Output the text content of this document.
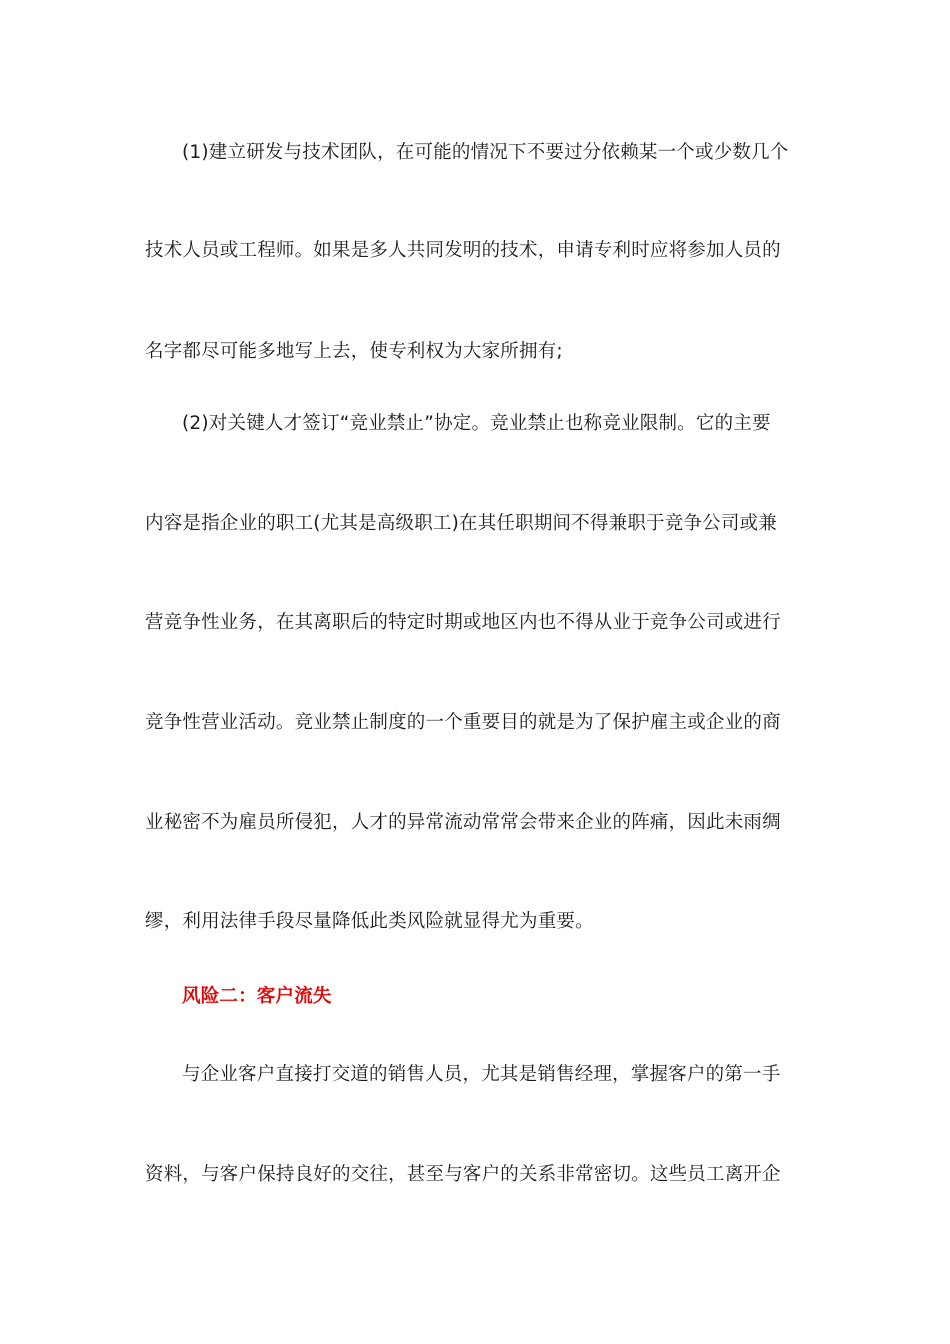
(1)建立研发与技术团队，在可能的情况下不要过分依赖某一个或少数几个
技术人员或工程师。如果是多人共同发明的技术，申请专利时应将参加人员的
名字都尽可能多地写上去，使专利权为大家所拥有;
(2)对关键人才签订“竞业禁止”协定。竞业禁止也称竞业限制。它的主要
内容是指企业的职工(尤其是高级职工)在其任职期间不得兼职于竞争公司或兼
营竞争性业务，在其离职后的特定时期或地区内也不得从业于竞争公司或进行
竞争性营业活动。竞业禁止制度的一个重要目的就是为了保护雇主或企业的商
业秘密不为雇员所侵犯，人才的异常流动常常会带来企业的阵痛，因此未雨绸
缪，利用法律手段尽量降低此类风险就显得尤为重要。
风险二：客户流失
与企业客户直接打交道的销售人员，尤其是销售经理，掌握客户的第一手
资料，与客户保持良好的交往，甚至与客户的关系非常密切。这些员工离开企
